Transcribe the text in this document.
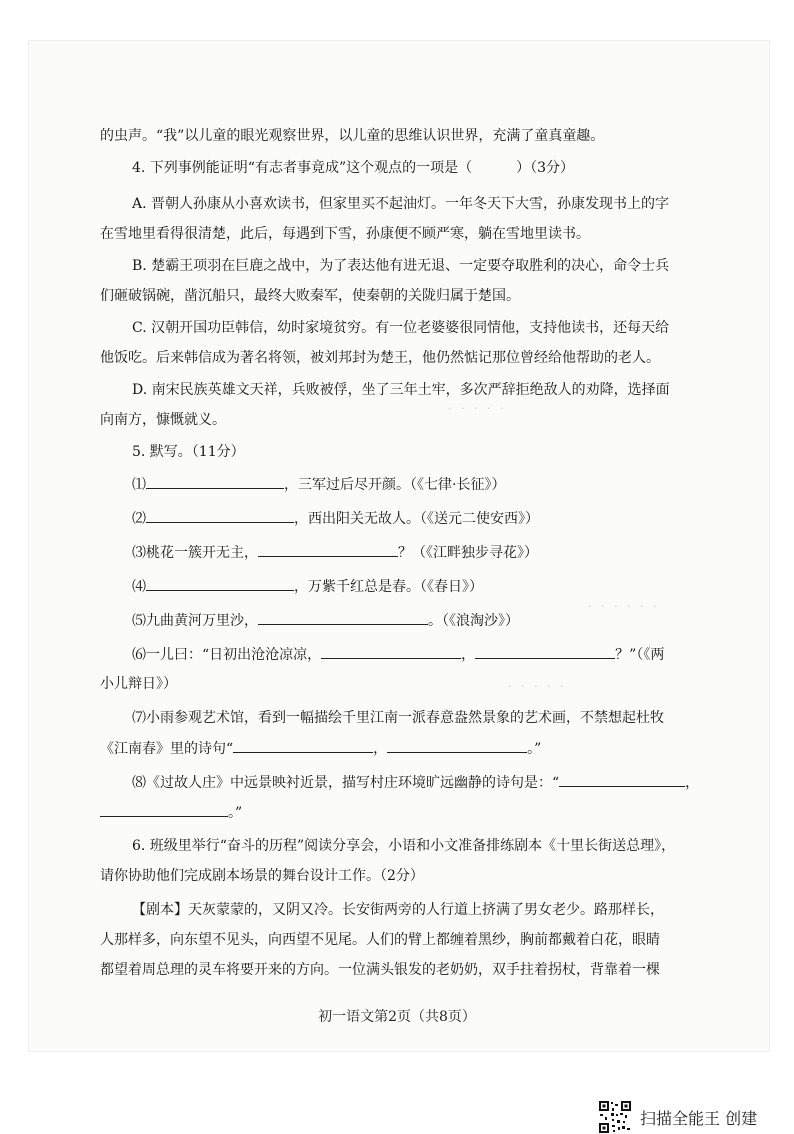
· · · · ·
· · · · · ·
· · · · ·
的虫声。“我”以儿童的眼光观察世界，以儿童的思维认识世界，充满了童真童趣。
4. 下列事例能证明“有志者事竟成”这个观点的一项是（	）（3分）
A. 晋朝人孙康从小喜欢读书，但家里买不起油灯。一年冬天下大雪，孙康发现书上的字
在雪地里看得很清楚，此后，每遇到下雪，孙康便不顾严寒，躺在雪地里读书。
B. 楚霸王项羽在巨鹿之战中，为了表达他有进无退、一定要夺取胜利的决心，命令士兵
们砸破锅碗，凿沉船只，最终大败秦军，使秦朝的关陇归属于楚国。
C. 汉朝开国功臣韩信，幼时家境贫穷。有一位老婆婆很同情他，支持他读书，还每天给
他饭吃。后来韩信成为著名将领，被刘邦封为楚王，他仍然惦记那位曾经给他帮助的老人。
D. 南宋民族英雄文天祥，兵败被俘，坐了三年土牢，多次严辞拒绝敌人的劝降，选择面
向南方，慷慨就义。
5. 默写。（11分）
⑴	，三军过后尽开颜。（《七律·长征》）
⑵	，西出阳关无故人。（《送元二使安西》）
⑶桃花一簇开无主，	？（《江畔独步寻花》）
⑷	，万紫千红总是春。（《春日》）
⑸九曲黄河万里沙，	。（《浪淘沙》）
⑹一儿曰：“日初出沧沧凉凉，	，	？”（《两
小儿辩日》）
⑺小雨参观艺术馆，看到一幅描绘千里江南一派春意盎然景象的艺术画，不禁想起杜牧
《江南春》里的诗句“	，	。”
⑻《过故人庄》中远景映衬近景，描写村庄环境旷远幽静的诗句是：“	，
。”
6. 班级里举行“奋斗的历程”阅读分享会，小语和小文准备排练剧本《十里长街送总理》，
请你协助他们完成剧本场景的舞台设计工作。（2分）
【剧本】天灰蒙蒙的，又阴又冷。长安街两旁的人行道上挤满了男女老少。路那样长，
人那样多，向东望不见头，向西望不见尾。人们的臂上都缠着黑纱，胸前都戴着白花，眼睛
都望着周总理的灵车将要开来的方向。一位满头银发的老奶奶，双手拄着拐杖，背靠着一棵
初一语文第2页（共8页）
扫描全能王 创建
